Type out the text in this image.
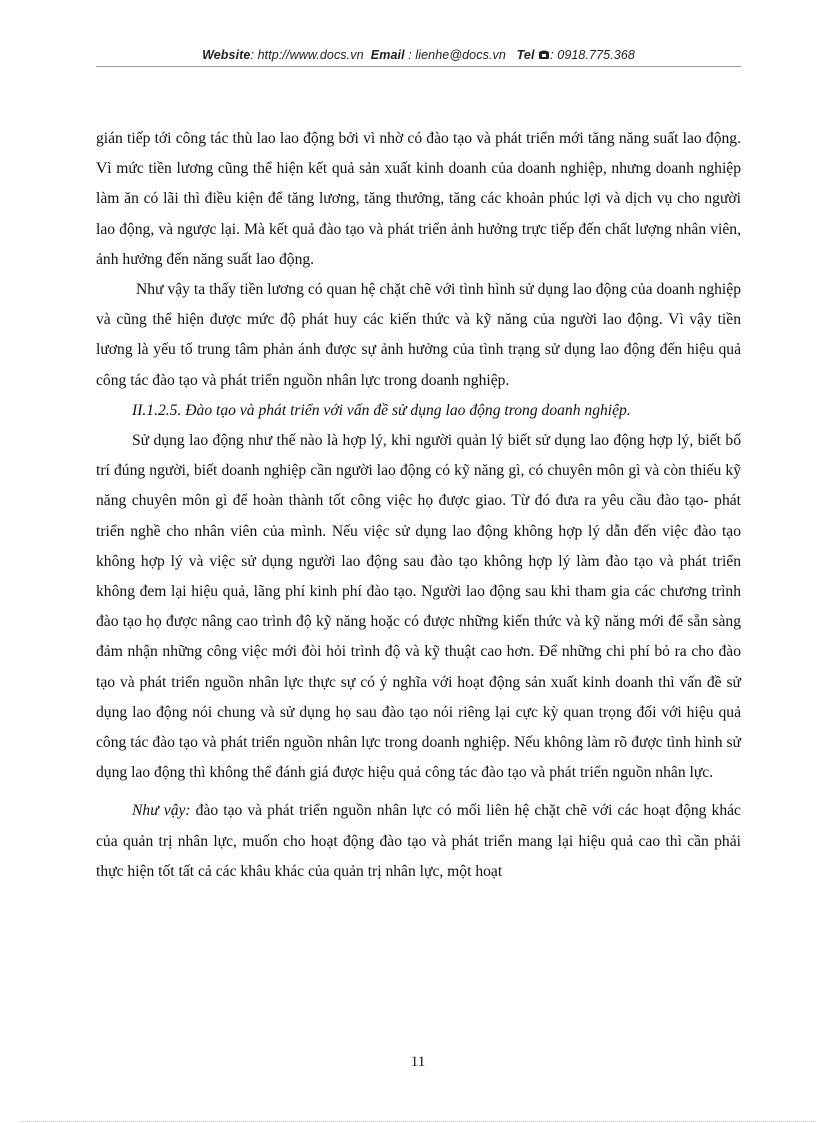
Website: http://www.docs.vn Email : lienhe@docs.vn Tel : 0918.775.368

gián tiếp tới công tác thù lao lao động bởi vì nhờ có đào tạo và phát triển mới tăng năng suất lao động. Vì mức tiền lương cũng thể hiện kết quả sản xuất kinh doanh của doanh nghiệp, nhưng doanh nghiệp làm ăn có lãi thì điều kiện để tăng lương, tăng thưởng, tăng các khoản phúc lợi và dịch vụ cho người lao động, và ngược lại. Mà kết quả đào tạo và phát triển ảnh hưởng trực tiếp đến chất lượng nhân viên, ảnh hưởng đến năng suất lao động.

Như vậy ta thấy tiền lương có quan hệ chặt chẽ với tình hình sử dụng lao động của doanh nghiệp và cũng thể hiện được mức độ phát huy các kiến thức và kỹ năng của người lao động. Vì vậy tiền lương là yếu tố trung tâm phản ánh được sự ảnh hưởng của tình trạng sử dụng lao động đến hiệu quả công tác đào tạo và phát triển nguồn nhân lực trong doanh nghiệp.

II.1.2.5. Đào tạo và phát triển với vấn đề sử dụng lao động trong doanh nghiệp.

Sử dụng lao động như thế nào là hợp lý, khi người quản lý biết sử dụng lao động hợp lý, biết bố trí đúng người, biết doanh nghiệp cần người lao động có kỹ năng gì, có chuyên môn gì và còn thiếu kỹ năng chuyên môn gì để hoàn thành tốt công việc họ được giao. Từ đó đưa ra yêu cầu đào tạo- phát triển nghề cho nhân viên của mình. Nếu việc sử dụng lao động không hợp lý dẫn đến việc đào tạo không hợp lý và việc sử dụng người lao động sau đào tạo không hợp lý làm đào tạo và phát triển không đem lại hiệu quả, lãng phí kinh phí đào tạo. Người lao động sau khi tham gia các chương trình đào tạo họ được nâng cao trình độ kỹ năng hoặc có được những kiến thức và kỹ năng mới để sẵn sàng đảm nhận những công việc mới đòi hỏi trình độ và kỹ thuật cao hơn. Để những chi phí bỏ ra cho đào tạo và phát triển nguồn nhân lực thực sự có ý nghĩa với hoạt động sản xuất kinh doanh thì vấn đề sử dụng lao động nói chung và sử dụng họ sau đào tạo nói riêng lại cực kỳ quan trọng đối với hiệu quả công tác đào tạo và phát triển nguồn nhân lực trong doanh nghiệp. Nếu không làm rõ được tình hình sử dụng lao động thì không thể đánh giá được hiệu quả công tác đào tạo và phát triển nguồn nhân lực.

Như vậy: đào tạo và phát triển nguồn nhân lực có mối liên hệ chặt chẽ với các hoạt động khác của quản trị nhân lực, muốn cho hoạt động đào tạo và phát triển mang lại hiệu quả cao thì cần phải thực hiện tốt tất cả các khâu khác của quản trị nhân lực, một hoạt

11
